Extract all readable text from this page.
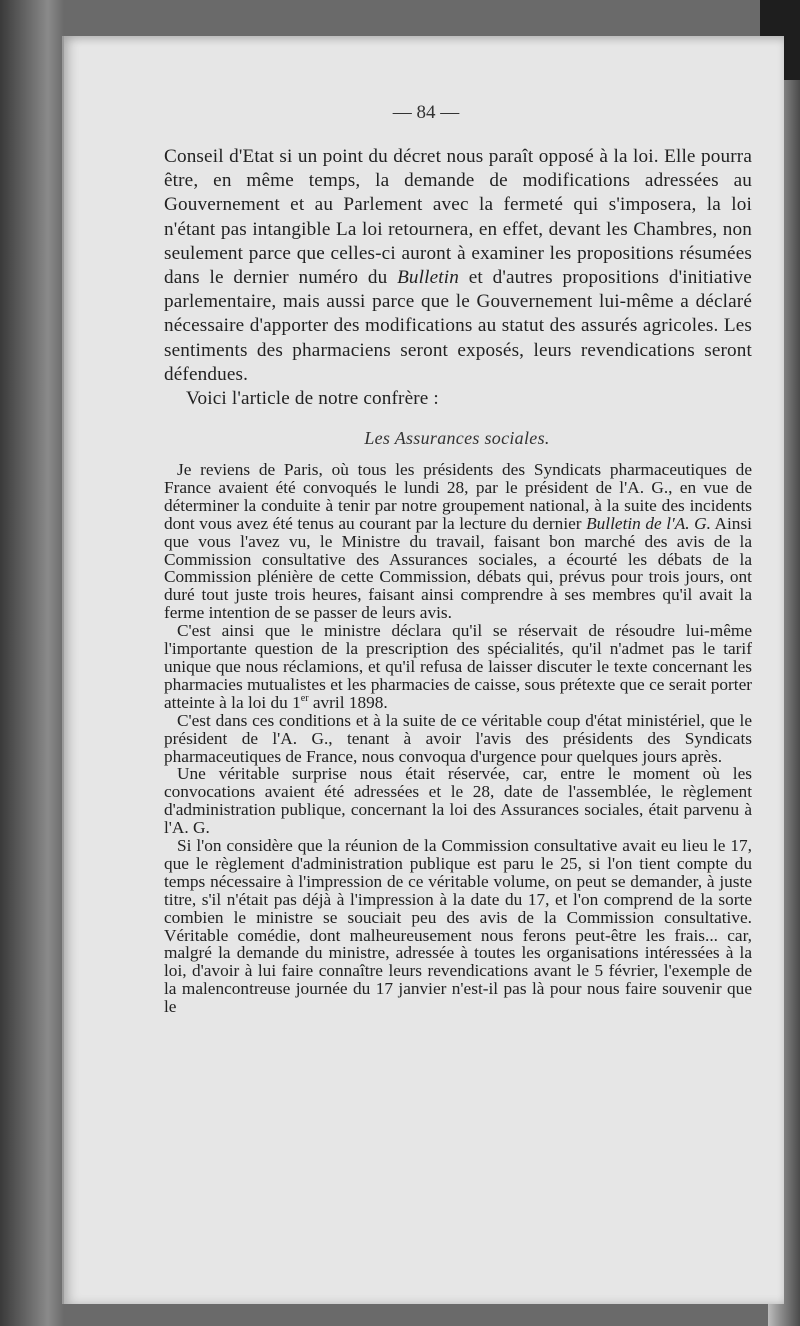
— 84 —

Conseil d'Etat si un point du décret nous paraît opposé à la loi. Elle pourra être, en même temps, la demande de modifications adressées au Gouvernement et au Parlement avec la fermeté qui s'imposera, la loi n'étant pas intangible La loi retournera, en effet, devant les Chambres, non seulement parce que celles-ci auront à examiner les propositions résumées dans le dernier numéro du Bulletin et d'autres propositions d'initiative parlementaire, mais aussi parce que le Gouvernement lui-même a déclaré nécessaire d'apporter des modifications au statut des assurés agricoles. Les sentiments des pharmaciens seront exposés, leurs revendications seront défendues.

Voici l'article de notre confrère :

Les Assurances sociales.

Je reviens de Paris, où tous les présidents des Syndicats pharmaceutiques de France avaient été convoqués le lundi 28, par le président de l'A. G., en vue de déterminer la conduite à tenir par notre groupement national, à la suite des incidents dont vous avez été tenus au courant par la lecture du dernier Bulletin de l'A. G. Ainsi que vous l'avez vu, le Ministre du travail, faisant bon marché des avis de la Commission consultative des Assurances sociales, a écourté les débats de la Commission plénière de cette Commission, débats qui, prévus pour trois jours, ont duré tout juste trois heures, faisant ainsi comprendre à ses membres qu'il avait la ferme intention de se passer de leurs avis.

C'est ainsi que le ministre déclara qu'il se réservait de résoudre lui-même l'importante question de la prescription des spécialités, qu'il n'admet pas le tarif unique que nous réclamions, et qu'il refusa de laisser discuter le texte concernant les pharmacies mutualistes et les pharmacies de caisse, sous prétexte que ce serait porter atteinte à la loi du 1er avril 1898.

C'est dans ces conditions et à la suite de ce véritable coup d'état ministériel, que le président de l'A. G., tenant à avoir l'avis des présidents des Syndicats pharmaceutiques de France, nous convoqua d'urgence pour quelques jours après.

Une véritable surprise nous était réservée, car, entre le moment où les convocations avaient été adressées et le 28, date de l'assemblée, le règlement d'administration publique, concernant la loi des Assurances sociales, était parvenu à l'A. G.

Si l'on considère que la réunion de la Commission consultative avait eu lieu le 17, que le règlement d'administration publique est paru le 25, si l'on tient compte du temps nécessaire à l'impression de ce véritable volume, on peut se demander, à juste titre, s'il n'était pas déjà à l'impression à la date du 17, et l'on comprend de la sorte combien le ministre se souciait peu des avis de la Commission consultative. Véritable comédie, dont malheureusement nous ferons peut-être les frais... car, malgré la demande du ministre, adressée à toutes les organisations intéressées à la loi, d'avoir à lui faire connaître leurs revendications avant le 5 février, l'exemple de la malencontreuse journée du 17 janvier n'est-il pas là pour nous faire souvenir que le
